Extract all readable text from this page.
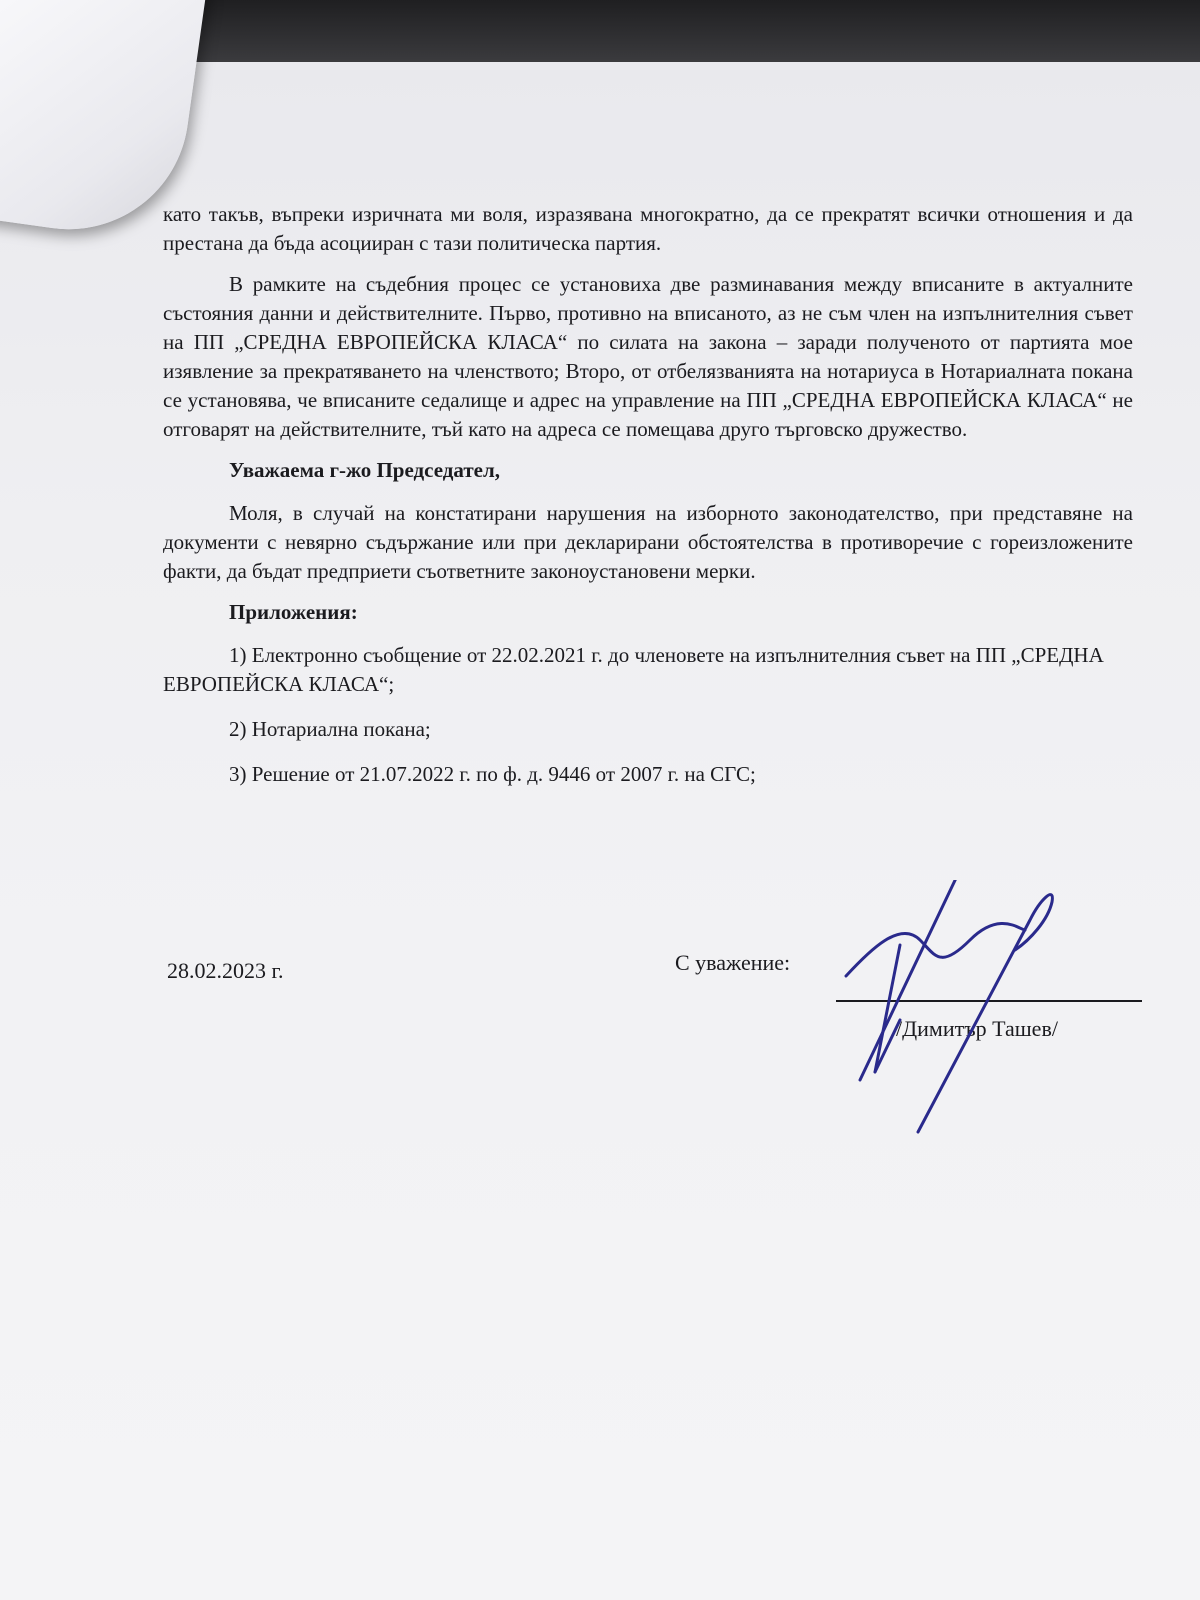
като такъв, въпреки изричната ми воля, изразявана многократно, да се прекратят всички отношения и да престана да бъда асоцииран с тази политическа партия.

В рамките на съдебния процес се установиха две разминавания между вписаните в актуалните състояния данни и действителните. Първо, противно на вписаното, аз не съм член на изпълнителния съвет на ПП „СРЕДНА ЕВРОПЕЙСКА КЛАСА“ по силата на закона – заради полученото от партията мое изявление за прекратяването на членството; Второ, от отбелязванията на нотариуса в Нотариалната покана се установява, че вписаните седалище и адрес на управление на ПП „СРЕДНА ЕВРОПЕЙСКА КЛАСА“ не отговарят на действителните, тъй като на адреса се помещава друго търговско дружество.

Уважаема г-жо Председател,

Моля, в случай на констатирани нарушения на изборното законодателство, при представяне на документи с невярно съдържание или при декларирани обстоятелства в противоречие с гореизложените факти, да бъдат предприети съответните законоустановени мерки.

Приложения:

1) Електронно съобщение от 22.02.2021 г. до членовете на изпълнителния съвет на ПП „СРЕДНА ЕВРОПЕЙСКА КЛАСА“;

2) Нотариална покана;

3) Решение от 21.07.2022 г. по ф. д. 9446 от 2007 г. на СГС;

28.02.2023 г.	С уважение:
/Димитър Ташев/
